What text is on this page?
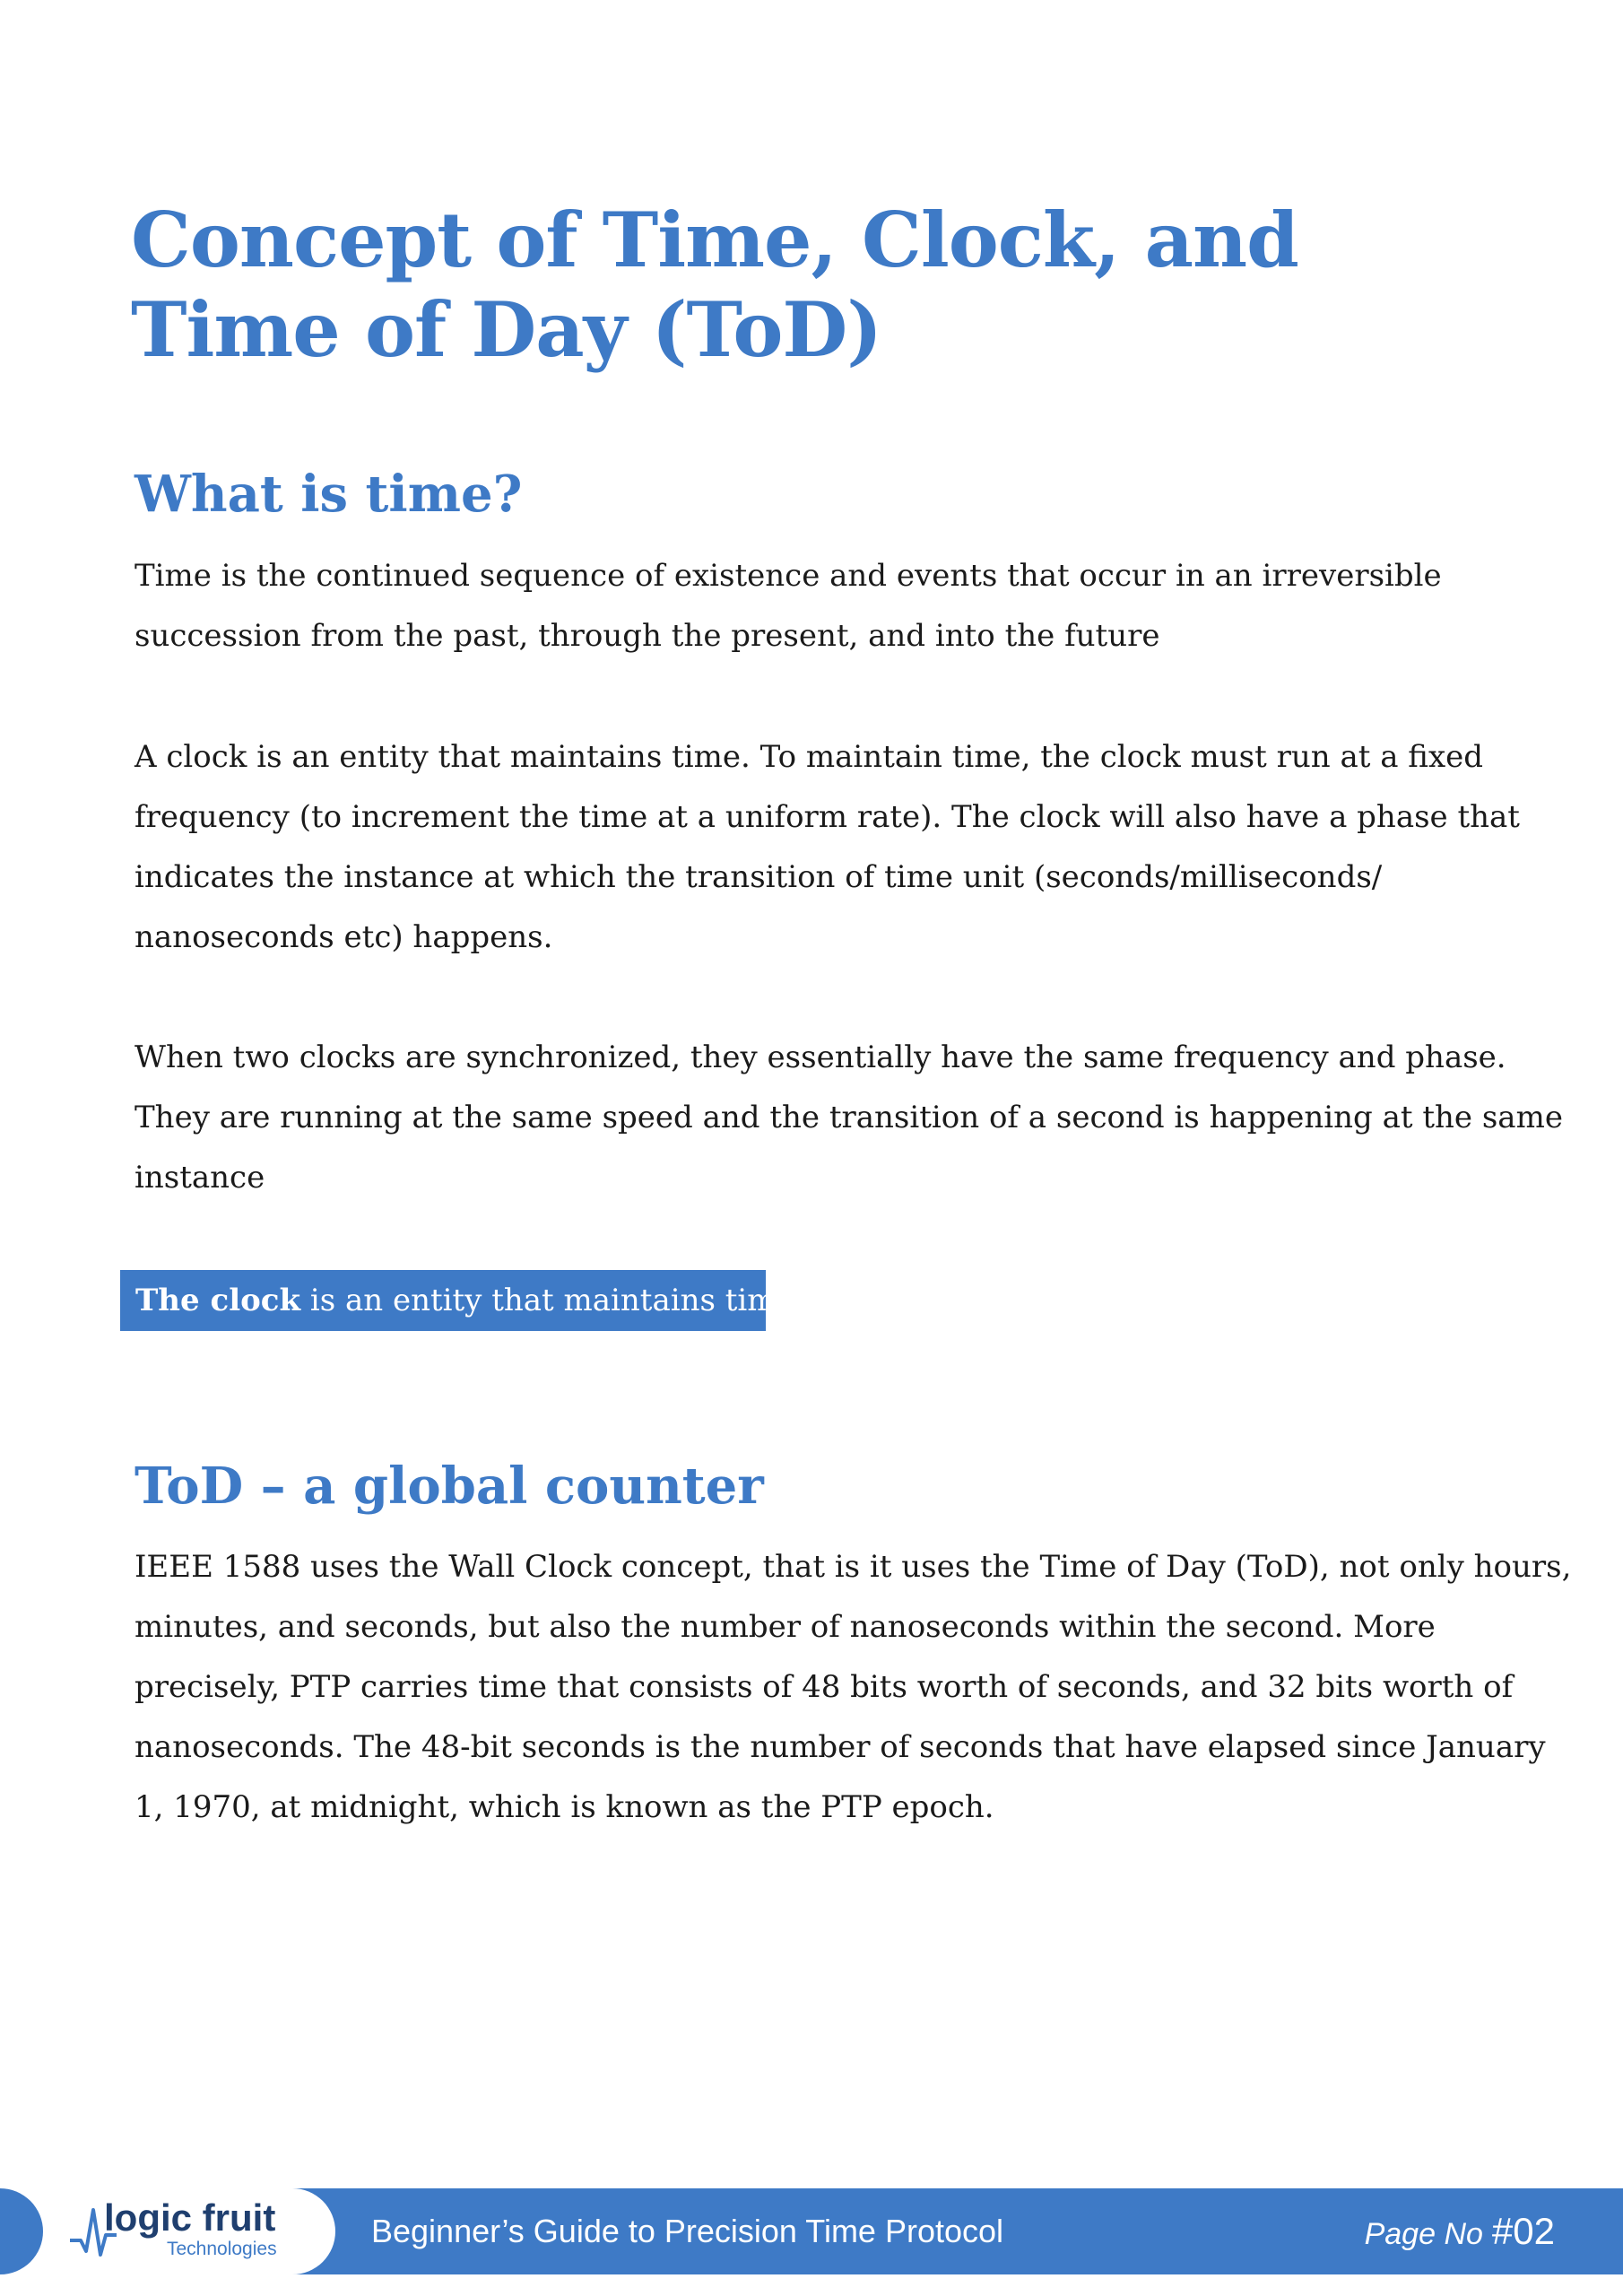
Concept of Time, Clock, and
Time of Day (ToD)
What is time?

Time is the continued sequence of existence and events that occur in an irreversible
succession from the past, through the present, and into the future

A clock is an entity that maintains time. To maintain time, the clock must run at a fixed
frequency (to increment the time at a uniform rate). The clock will also have a phase that
indicates the instance at which the transition of time unit (seconds/milliseconds/
nanoseconds etc) happens.

When two clocks are synchronized, they essentially have the same frequency and phase.
They are running at the same speed and the transition of a second is happening at the same
instance

The clock is an entity that maintains time
ToD – a global counter

IEEE 1588 uses the Wall Clock concept, that is it uses the Time of Day (ToD), not only hours,
minutes, and seconds, but also the number of nanoseconds within the second. More
precisely, PTP carries time that consists of 48 bits worth of seconds, and 32 bits worth of
nanoseconds. The 48-bit seconds is the number of seconds that have elapsed since January
1, 1970, at midnight, which is known as the PTP epoch.

logic fruit
Technologies	Beginner’s Guide to Precision Time Protocol	Page No #02
